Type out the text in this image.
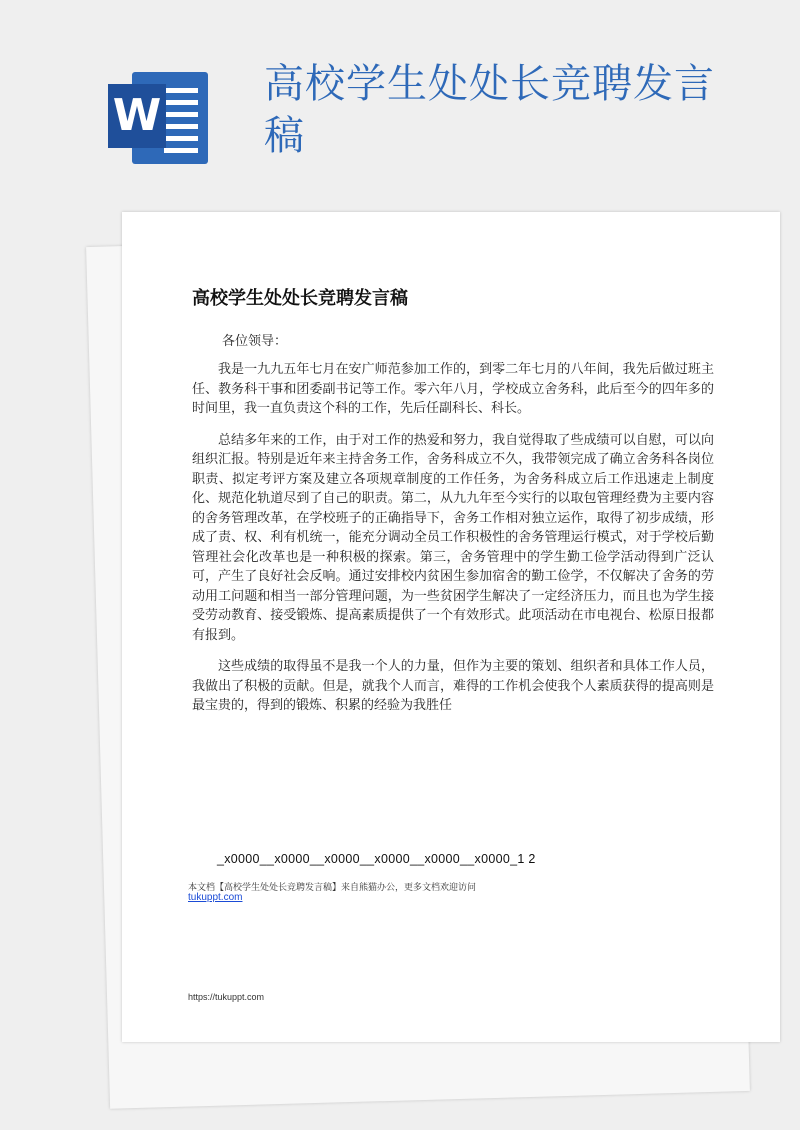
W
高校学生处处长竞聘发言稿
高校学生处处长竞聘发言稿
各位领导：

我是一九九五年七月在安广师范参加工作的，到零二年七月的八年间，我先后做过班主任、教务科干事和团委副书记等工作。零六年八月，学校成立舍务科，此后至今的四年多的时间里，我一直负责这个科的工作，先后任副科长、科长。

总结多年来的工作，由于对工作的热爱和努力，我自觉得取了些成绩可以自慰，可以向组织汇报。特别是近年来主持舍务工作，舍务科成立不久，我带领完成了确立舍务科各岗位职责、拟定考评方案及建立各项规章制度的工作任务，为舍务科成立后工作迅速走上制度化、规范化轨道尽到了自己的职责。第二，从九九年至今实行的以取包管理经费为主要内容的舍务管理改革，在学校班子的正确指导下，舍务工作相对独立运作，取得了初步成绩，形成了责、权、利有机统一，能充分调动全员工作积极性的舍务管理运行模式，对于学校后勤管理社会化改革也是一种积极的探索。第三，舍务管理中的学生勤工俭学活动得到广泛认可，产生了良好社会反响。通过安排校内贫困生参加宿舍的勤工俭学，不仅解决了舍务的劳动用工问题和相当一部分管理问题，为一些贫困学生解决了一定经济压力，而且也为学生接受劳动教育、接受锻炼、提高素质提供了一个有效形式。此项活动在市电视台、松原日报都有报到。

这些成绩的取得虽不是我一个人的力量，但作为主要的策划、组织者和具体工作人员，我做出了积极的贡献。但是，就我个人而言，难得的工作机会使我个人素质获得的提高则是最宝贵的，得到的锻炼、积累的经验为我胜任

_x0000__x0000__x0000__x0000__x0000__x0000_1 2
本文档【高校学生处处长竞聘发言稿】来自熊猫办公，更多文档欢迎访问
tukuppt.com
https://tukuppt.com
